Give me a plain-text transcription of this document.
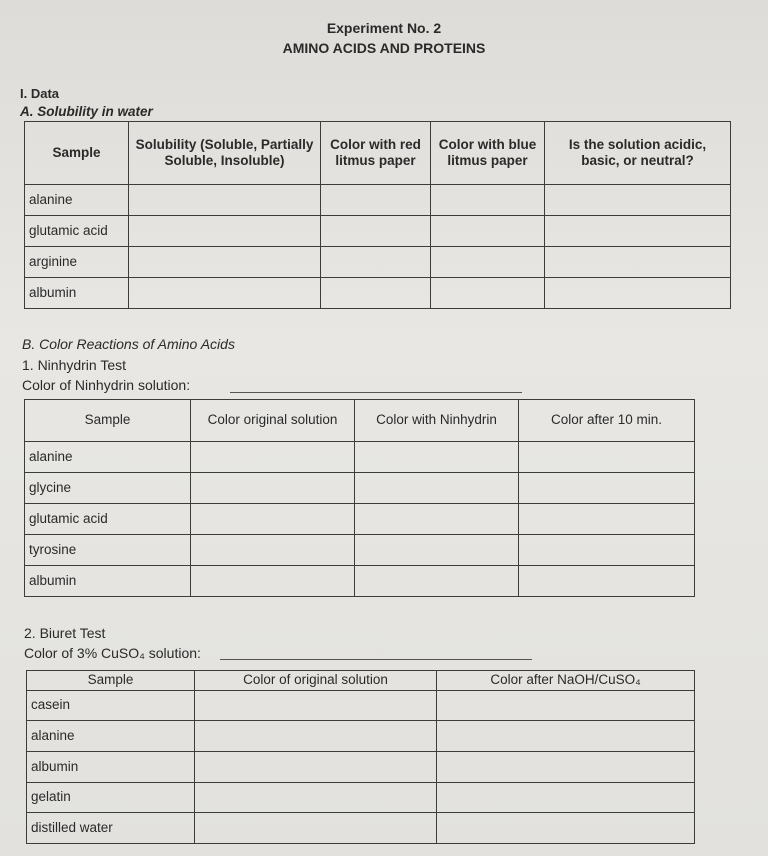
Experiment No. 2
AMINO ACIDS AND PROTEINS
I. Data
A. Solubility in water
Sample	Solubility (Soluble, Partially Soluble, Insoluble)	Color with red litmus paper	Color with blue litmus paper	Is the solution acidic, basic, or neutral?
alanine				
glutamic acid				
arginine				
albumin				
B. Color Reactions of Amino Acids
1. Ninhydrin Test
Color of Ninhydrin solution:
Sample	Color original solution	Color with Ninhydrin	Color after 10 min.
alanine			
glycine			
glutamic acid			
tyrosine			
albumin			
2. Biuret Test
Color of 3% CuSO₄ solution:
Sample	Color of original solution	Color after NaOH/CuSO₄
casein		
alanine		
albumin		
gelatin		
distilled water		
